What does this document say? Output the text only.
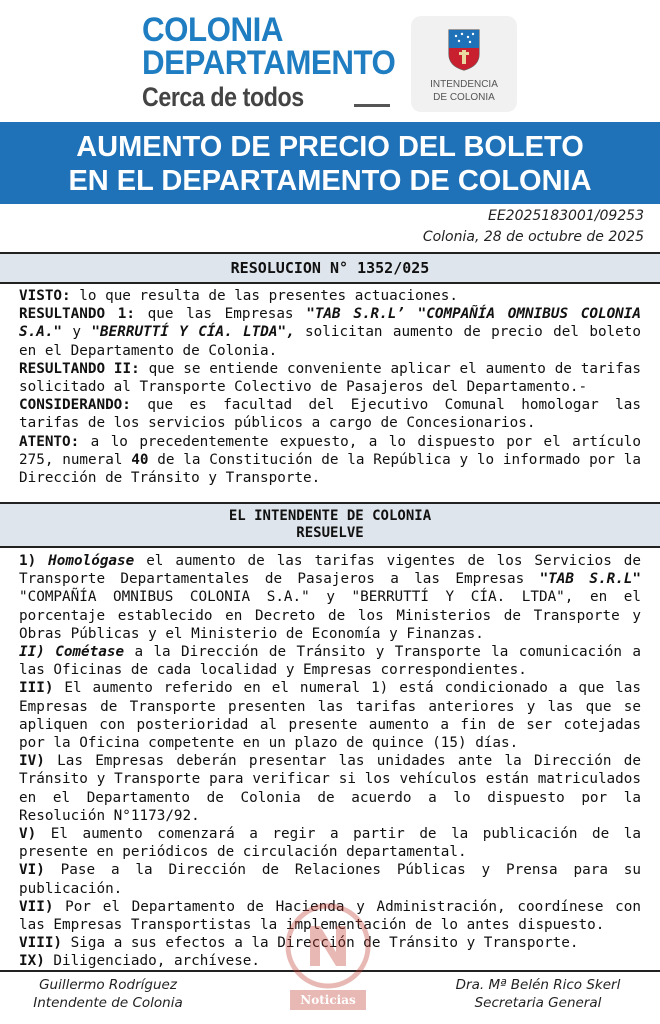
COLONIA
DEPARTAMENTO
Cerca de todos	INTENDENCIA
DE COLONIA
AUMENTO DE PRECIO DEL BOLETO
EN EL DEPARTAMENTO DE COLONIA
EE2025183001/09253
Colonia, 28 de octubre de 2025
RESOLUCION N° 1352/025

VISTO: lo que resulta de las presentes actuaciones.

RESULTANDO 1: que las Empresas "TAB S.R.L’ "COMPAÑÍA OMNIBUS COLONIA S.A." y "BERRUTTÍ Y CÍA. LTDA", solicitan aumento de precio del boleto en el Departamento de Colonia.

RESULTANDO II: que se entiende conveniente aplicar el aumento de tarifas solicitado al Transporte Colectivo de Pasajeros del Departamento.-

CONSIDERANDO: que es facultad del Ejecutivo Comunal homologar las tarifas de los servicios públicos a cargo de Concesionarios.

ATENTO: a lo precedentemente expuesto, a lo dispuesto por el artículo 275, numeral 40 de la Constitución de la República y lo informado por la Dirección de Tránsito y Transporte.

EL INTENDENTE DE COLONIA
RESUELVE

1) Homológase el aumento de las tarifas vigentes de los Servicios de Transporte Departamentales de Pasajeros a las Empresas "TAB S.R.L" "COMPAÑÍA OMNIBUS COLONIA S.A." y "BERRUTTÍ Y CÍA. LTDA", en el porcentaje establecido en Decreto de los Ministerios de Transporte y Obras Públicas y el Ministerio de Economía y Finanzas.

II) Cométase a la Dirección de Tránsito y Transporte la comunicación a las Oficinas de cada localidad y Empresas correspondientes.

III) El aumento referido en el numeral 1) está condicionado a que las Empresas de Transporte presenten las tarifas anteriores y las que se apliquen con posterioridad al presente aumento a fin de ser cotejadas por la Oficina competente en un plazo de quince (15) días.

IV) Las Empresas deberán presentar las unidades ante la Dirección de Tránsito y Transporte para verificar si los vehículos están matriculados en el Departamento de Colonia de acuerdo a lo dispuesto por la Resolución N°1173/92.

V) El aumento comenzará a regir a partir de la publicación de la presente en periódicos de circulación departamental.

VI) Pase a la Dirección de Relaciones Públicas y Prensa para su publicación.

VII) Por el Departamento de Hacienda y Administración, coordínese con las Empresas Transportistas la implementación de lo antes dispuesto.

VIII) Siga a sus efectos a la Dirección de Tránsito y Transporte.

IX) Diligenciado, archívese.

Noticias
Guillermo Rodríguez
Intendente de Colonia
Dra. Mª Belén Rico Skerl
Secretaria General
